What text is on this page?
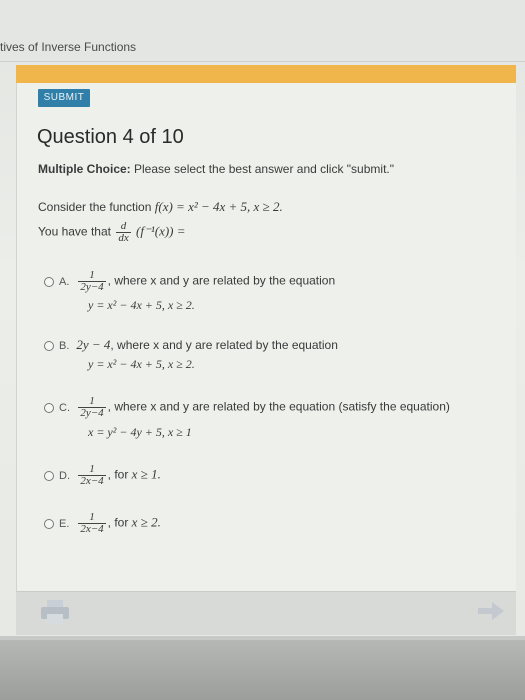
tives of Inverse Functions
SUBMIT
Question 4 of 10
Multiple Choice: Please select the best answer and click "submit."
Consider the function f(x) = x² − 4x + 5, x ≥ 2.
You have that $\frac{d}{dx} (f^{-1}(x))$ =
A. $\frac{1}{2y-4}$ , where x and y are related by the equation
y = x² − 4x + 5, x ≥ 2.
B. 2y − 4, where x and y are related by the equation
y = x² − 4x + 5, x ≥ 2.
C. $\frac{1}{2y-4}$ , where x and y are related by the equation (satisfy the equation)
x = y² − 4y + 5, x ≥ 1
D. $\frac{1}{2x-4}$ , for x ≥ 1.
E. $\frac{1}{2x-4}$ , for x ≥ 2.
